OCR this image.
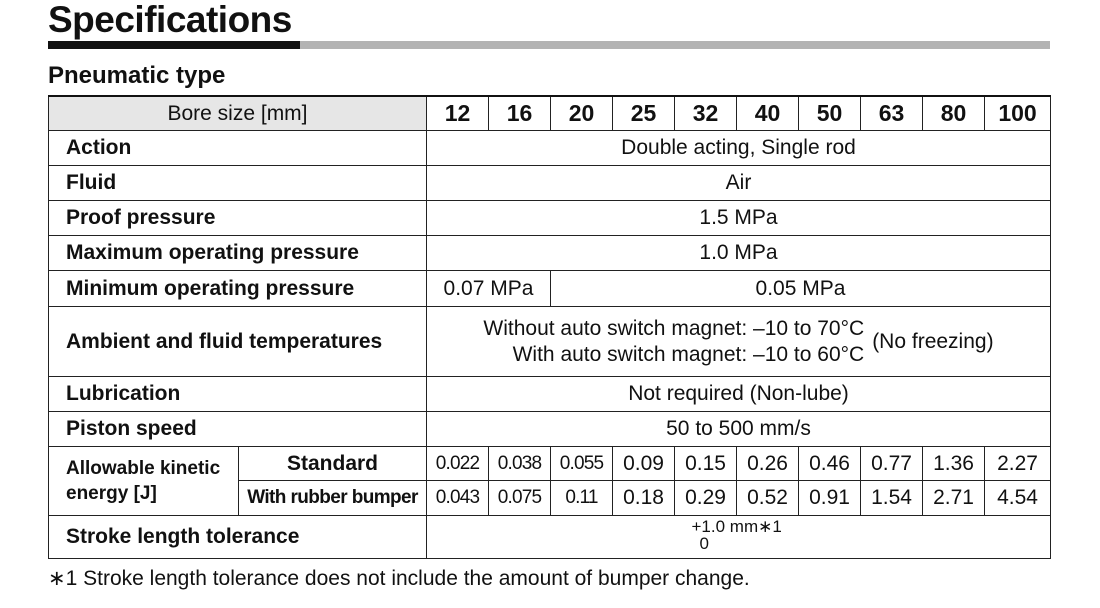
Specifications
Pneumatic type
Bore size [mm]		12	16	20	25	32	40	50	63	80	100
Action		Double acting, Single rod									
Fluid		Air									
Proof pressure		1.5 MPa									
Maximum operating pressure		1.0 MPa									
Minimum operating pressure		0.07 MPa		0.05 MPa							
Ambient and fluid temperatures		Without auto switch magnet: –10 to 70°C
With auto switch magnet: –10 to 60°C
(No freezing)									

Lubrication		Not required (Non-lube)									
Piston speed		50 to 500 mm/s									
Allowable kinetic
energy [J]	Standard	0.022	0.038	0.055	0.09	0.15	0.26	0.46	0.77	1.36	2.27
	With rubber bumper	0.043	0.075	0.11	0.18	0.29	0.52	0.91	1.54	2.71	4.54
Stroke length tolerance		+1.0 mm∗1
0									

∗1 Stroke length tolerance does not include the amount of bumper change.
